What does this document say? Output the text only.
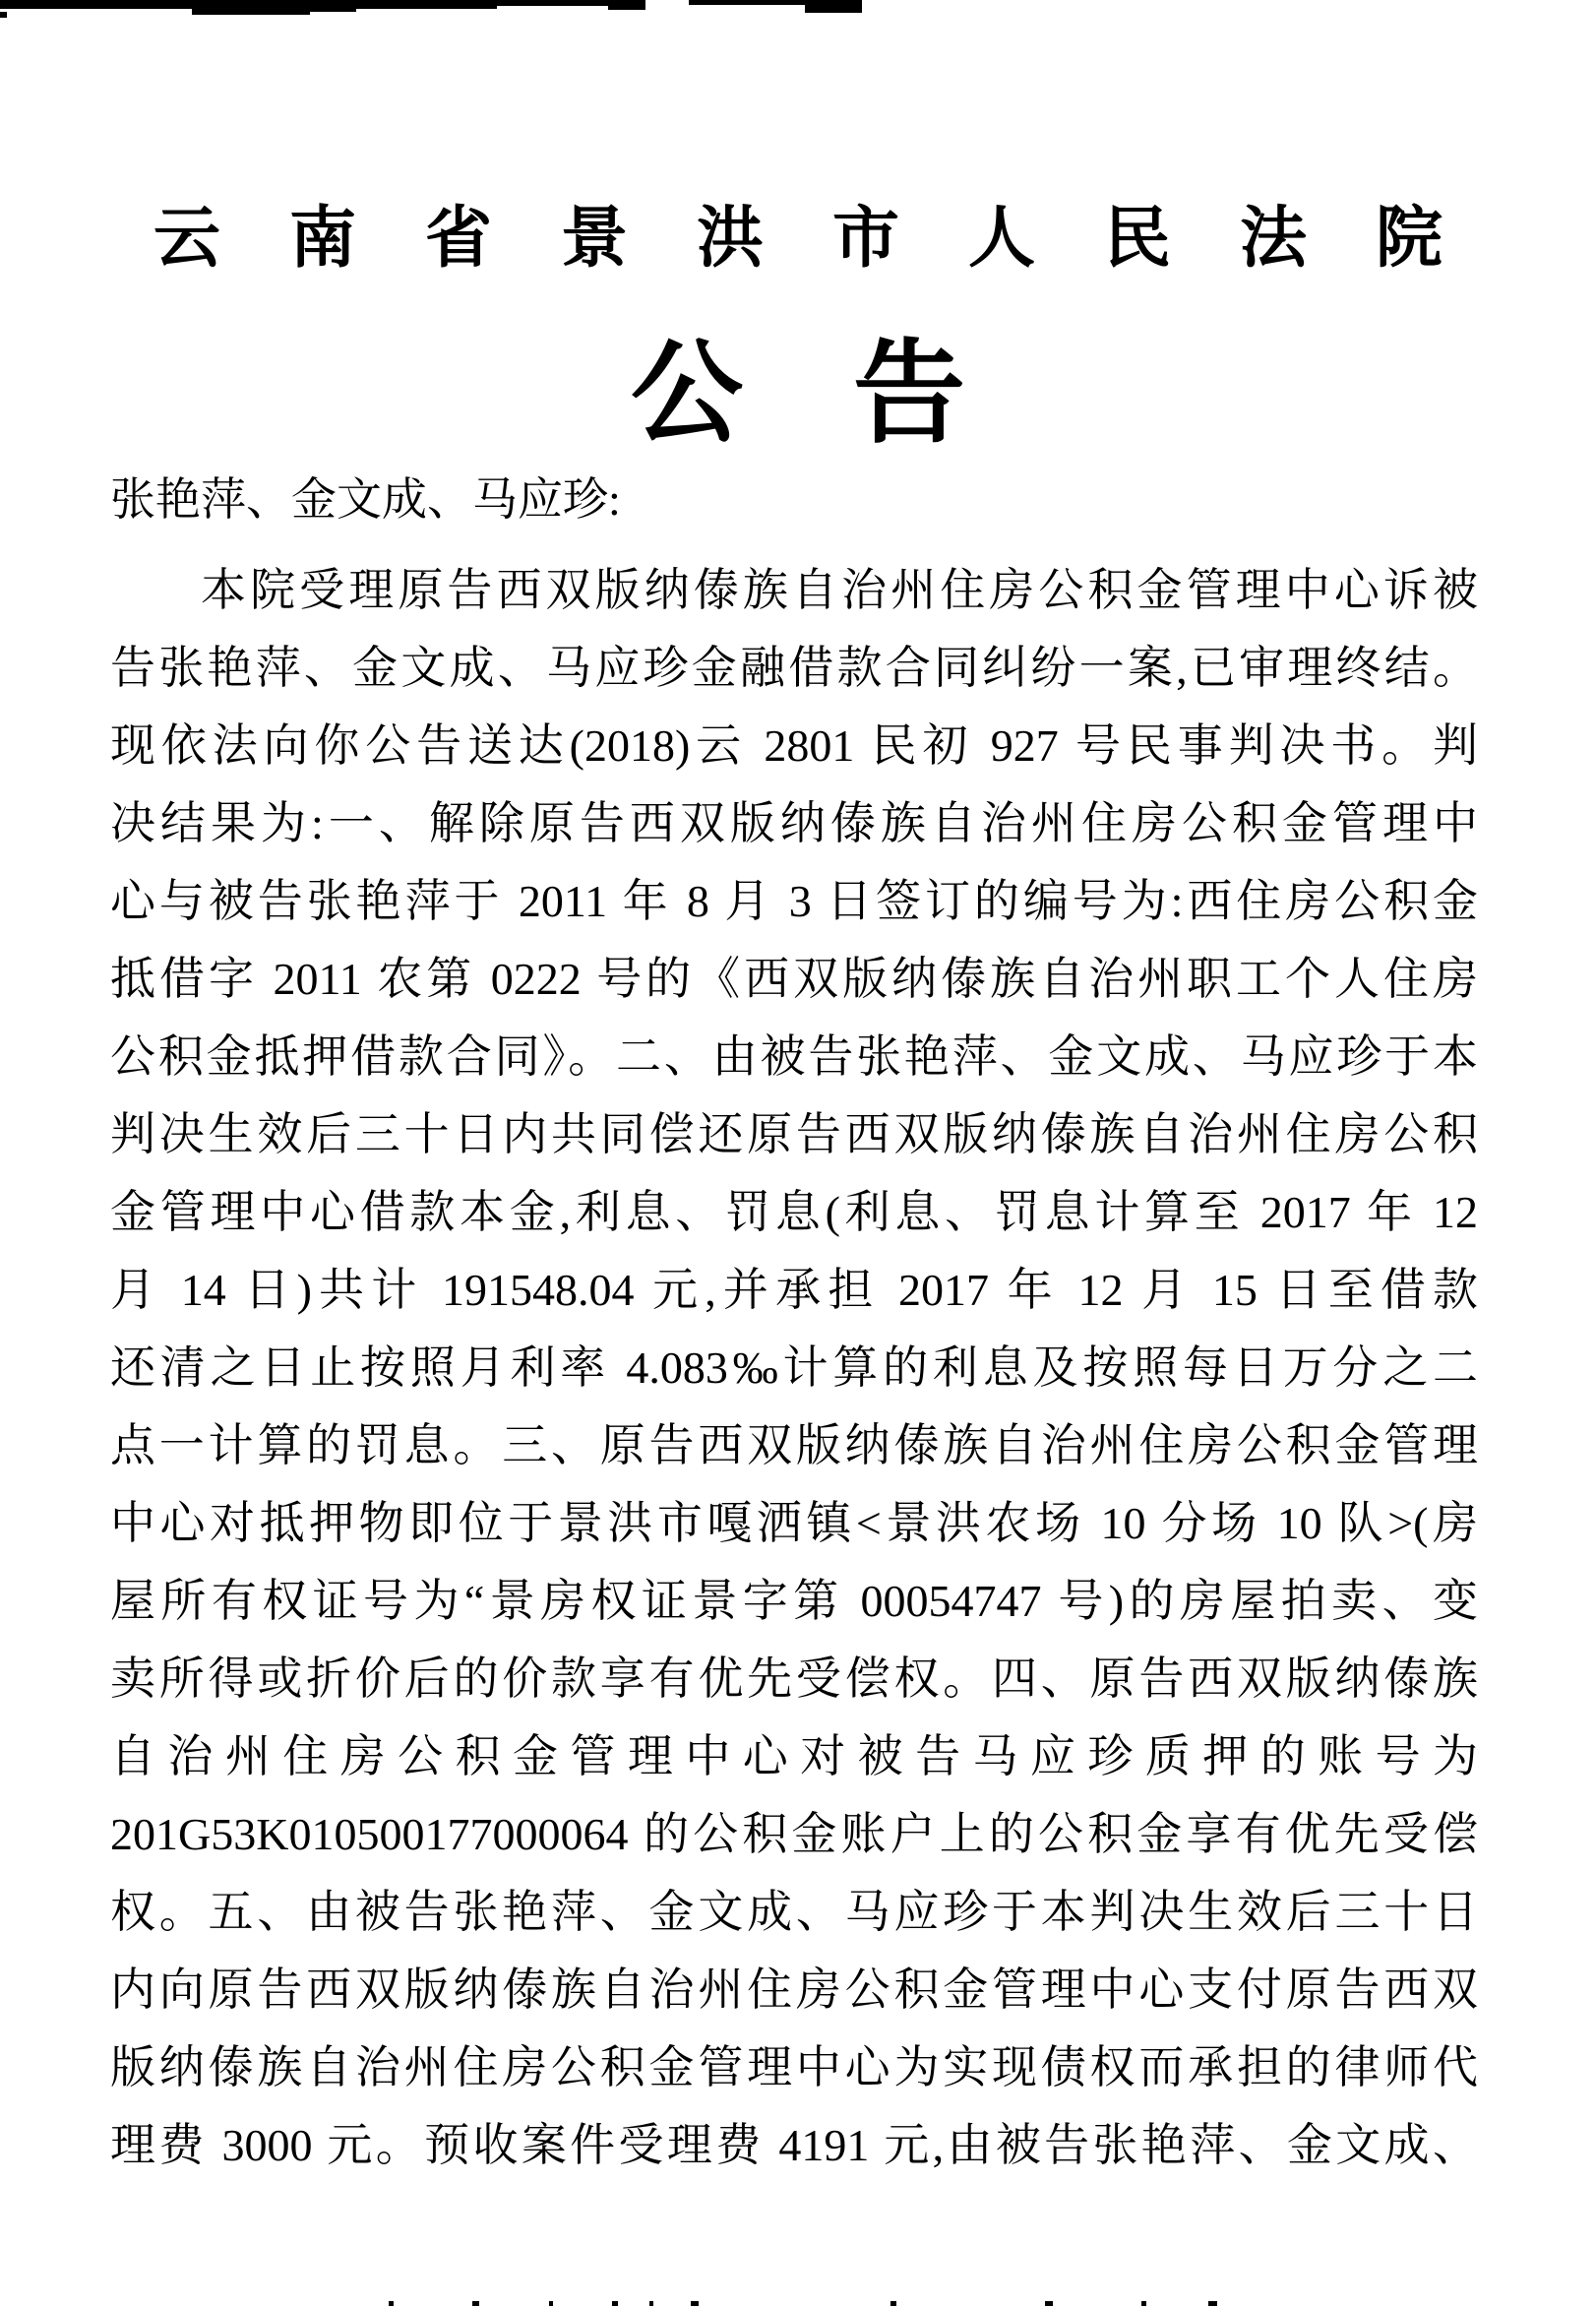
云南省景洪市人民法院
公告
张艳萍、金文成、马应珍:
本院受理原告西双版纳傣族自治州住房公积金管理中心诉被
告张艳萍、金文成、马应珍金融借款合同纠纷一案,已审理终结。
现依法向你公告送达(2018)云 2801 民初 927 号民事判决书。判
决结果为:一、解除原告西双版纳傣族自治州住房公积金管理中
心与被告张艳萍于 2011 年 8 月 3 日签订的编号为:西住房公积金
抵借字 2011 农第 0222 号的《西双版纳傣族自治州职工个人住房
公积金抵押借款合同》。二、由被告张艳萍、金文成、马应珍于本
判决生效后三十日内共同偿还原告西双版纳傣族自治州住房公积
金管理中心借款本金,利息、罚息(利息、罚息计算至 2017 年 12
月 14 日)共计 191548.04 元,并承担 2017 年 12 月 15 日至借款
还清之日止按照月利率 4.083‰计算的利息及按照每日万分之二
点一计算的罚息。三、原告西双版纳傣族自治州住房公积金管理
中心对抵押物即位于景洪市嘎洒镇<景洪农场 10 分场 10 队>(房
屋所有权证号为“景房权证景字第 00054747 号)的房屋拍卖、变
卖所得或折价后的价款享有优先受偿权。四、原告西双版纳傣族
自治州住房公积金管理中心对被告马应珍质押的账号为
201G53K010500177000064 的公积金账户上的公积金享有优先受偿
权。五、由被告张艳萍、金文成、马应珍于本判决生效后三十日
内向原告西双版纳傣族自治州住房公积金管理中心支付原告西双
版纳傣族自治州住房公积金管理中心为实现债权而承担的律师代
理费 3000 元。预收案件受理费 4191 元,由被告张艳萍、金文成、
